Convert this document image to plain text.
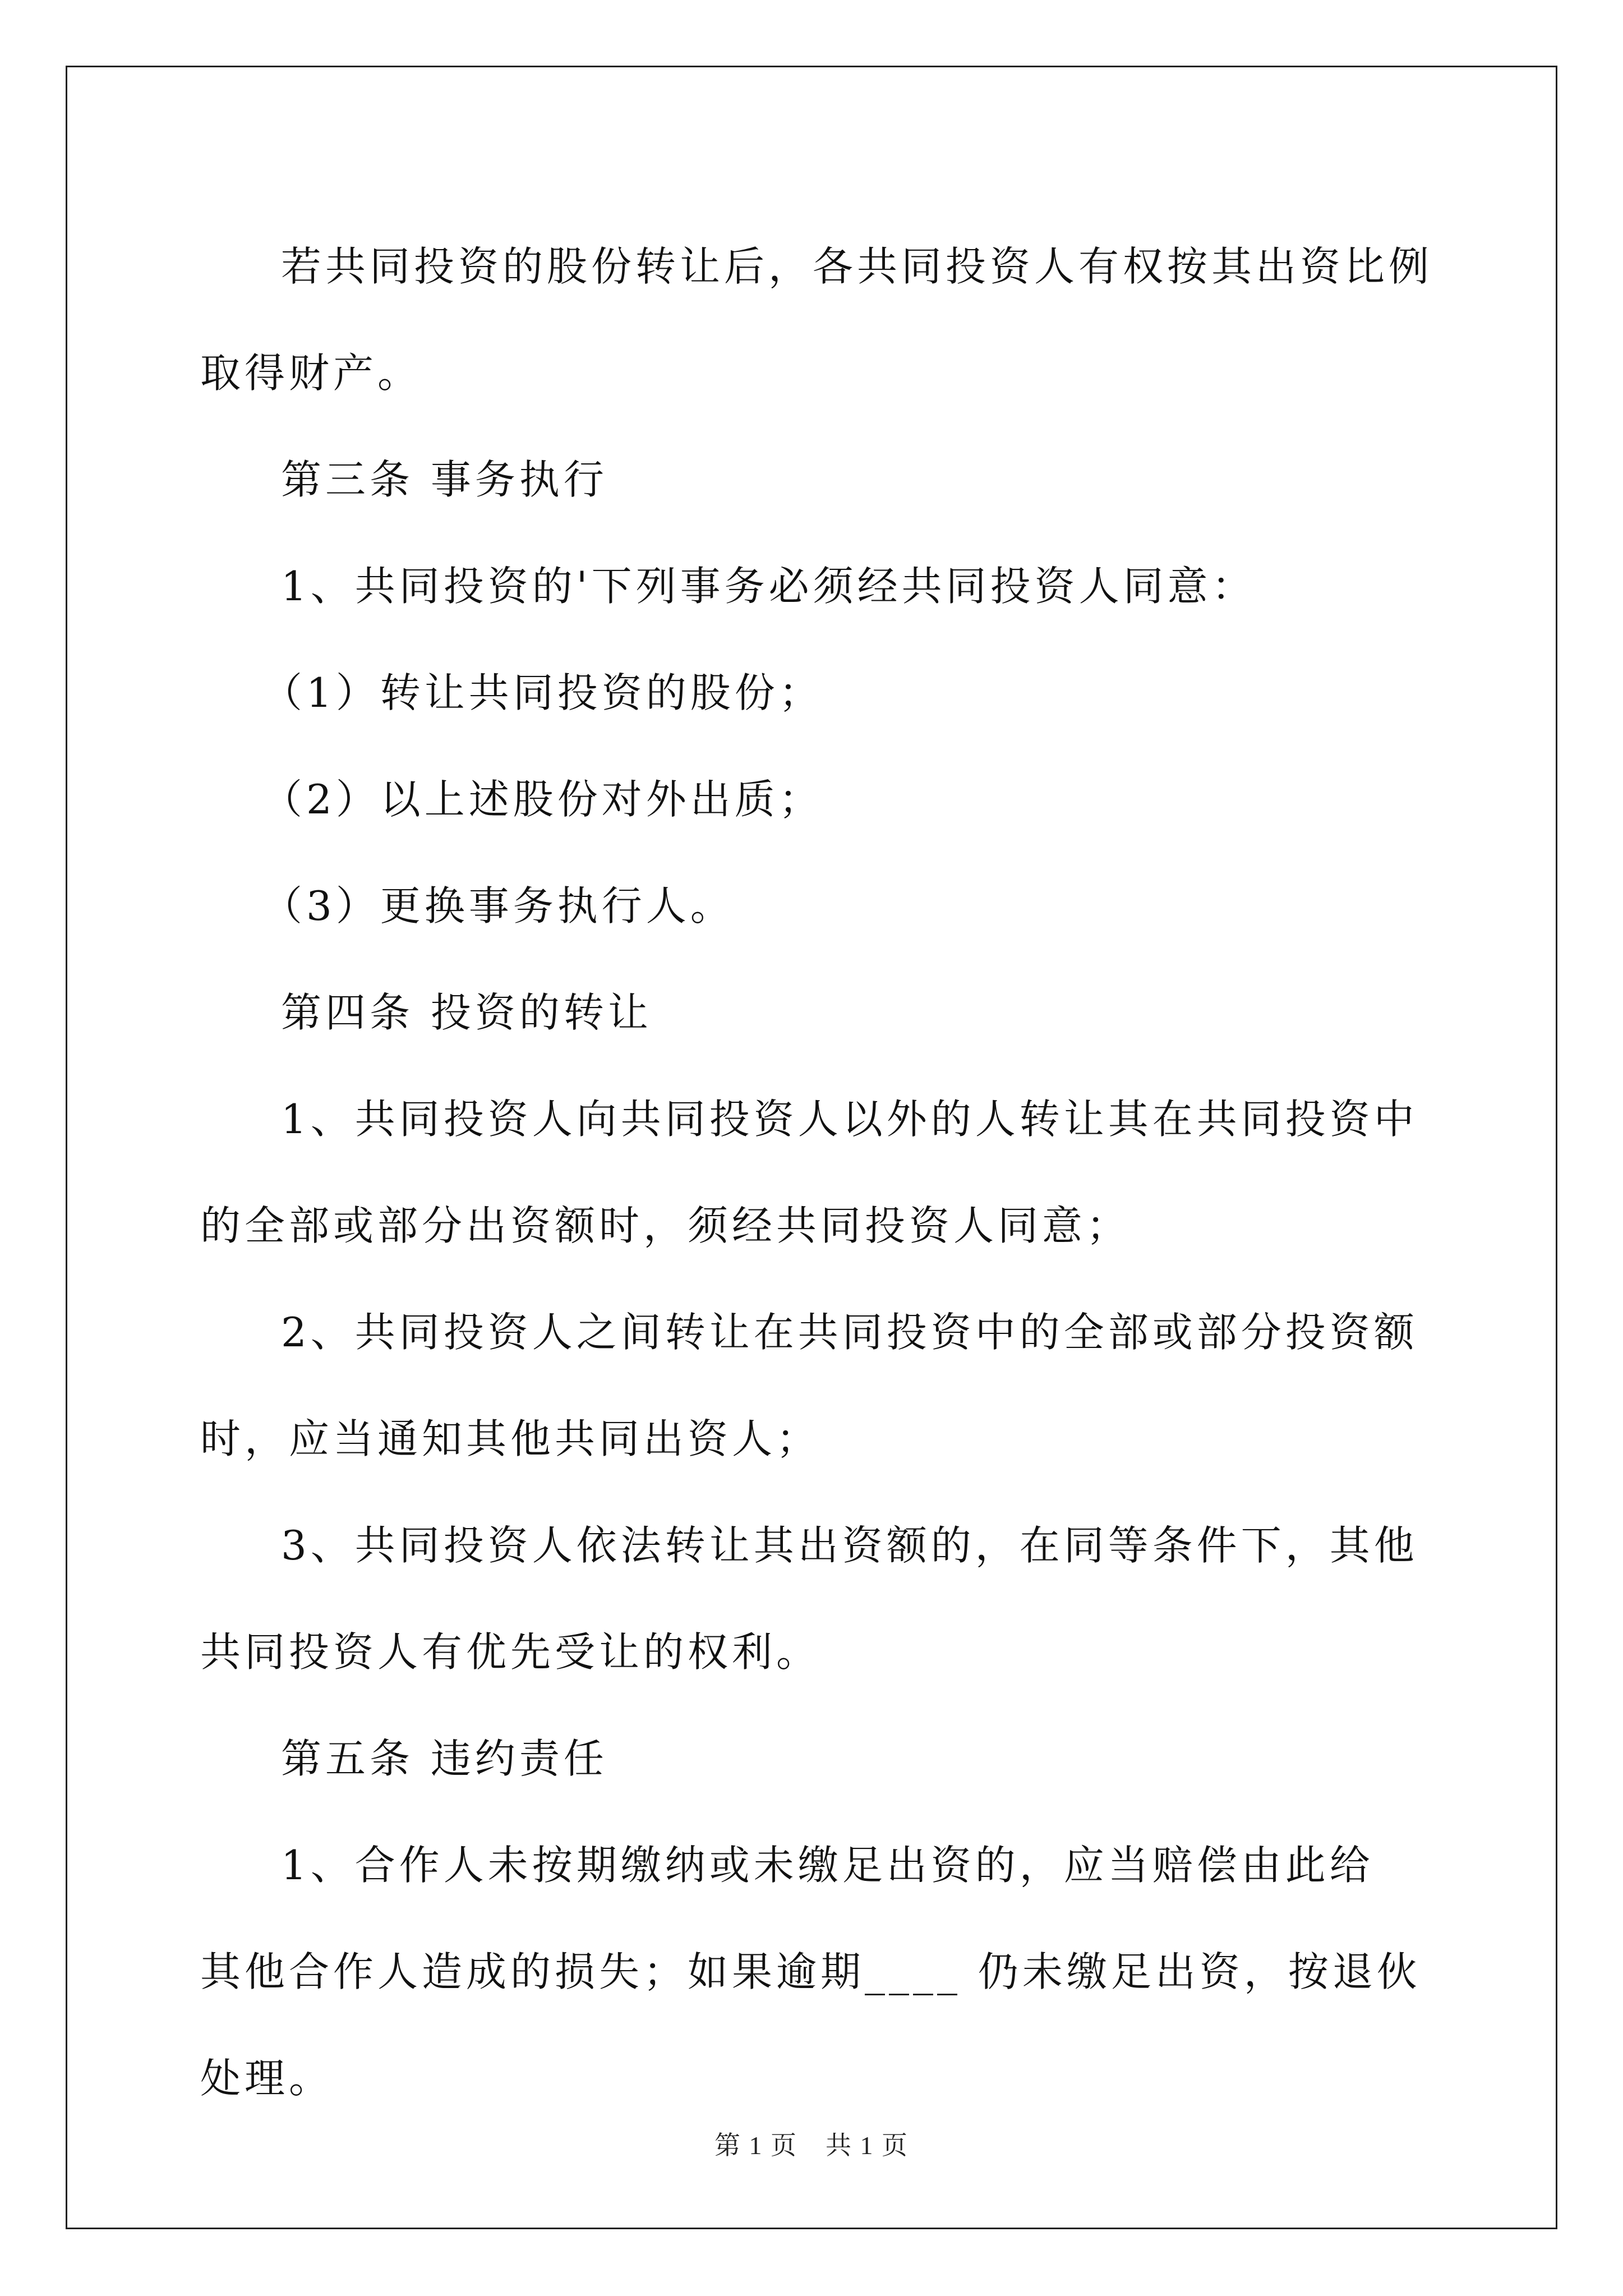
若共同投资的股份转让后，各共同投资人有权按其出资比例取得财产。

第三条 事务执行

1、共同投资的'下列事务必须经共同投资人同意：

（1）转让共同投资的股份；

（2）以上述股份对外出质；

（3）更换事务执行人。

第四条 投资的转让

1、共同投资人向共同投资人以外的人转让其在共同投资中的全部或部分出资额时，须经共同投资人同意；

2、共同投资人之间转让在共同投资中的全部或部分投资额时，应当通知其他共同出资人；

3、共同投资人依法转让其出资额的，在同等条件下，其他共同投资人有优先受让的权利。

第五条 违约责任

1、合作人未按期缴纳或未缴足出资的，应当赔偿由此给 其他合作人造成的损失；如果逾期____ 仍未缴足出资，按退伙处理。

第 1 页 共 1 页
